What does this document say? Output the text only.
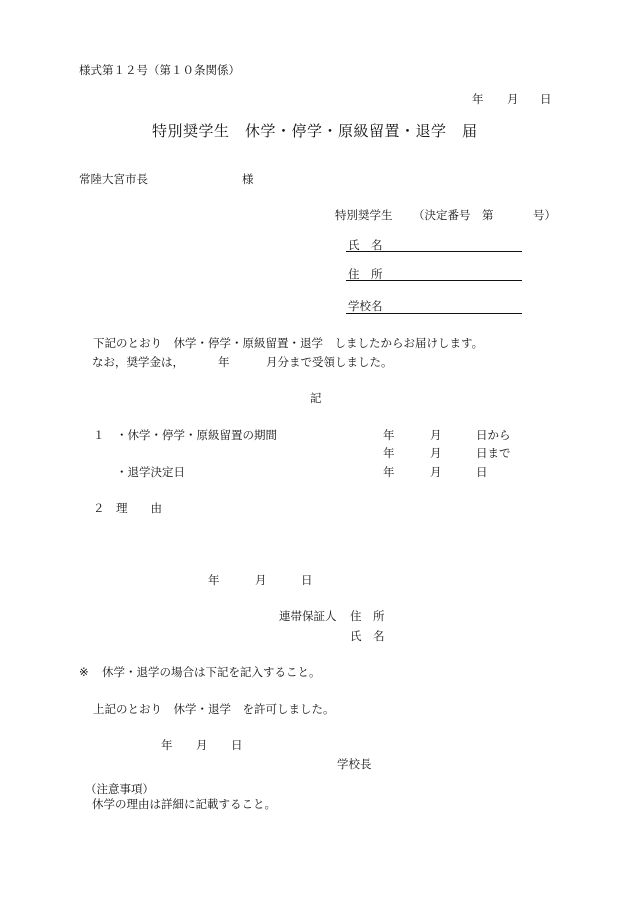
様式第１２号（第１０条関係）
年 月 日
特別奨学生　休学・停学・原級留置・退学　届
常陸大宮市長	様
特別奨学生 （決定番号　第	号）
氏　名
住　所
学校名
下記のとおり　休学・停学・原級留置・退学　しましたからお届けします。
なお，奨学金は，	年	月分まで受領しました。
記
１ ・休学・停学・原級留置の期間	年	月	日から
年	月	日まで
・退学決定日	年	月	日
２ 理　　由
年	月	日
連帯保証人 住　所
氏　名
※ 休学・退学の場合は下記を記入すること。
上記のとおり　休学・退学　を許可しました。
年 月 日
学校長
（注意事項）
休学の理由は詳細に記載すること。
